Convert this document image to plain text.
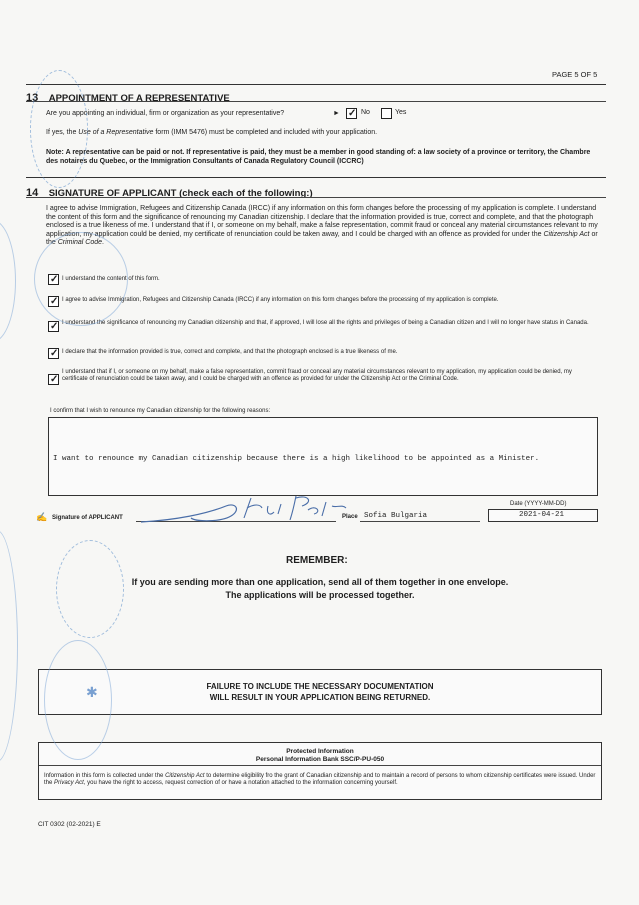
PAGE 5 OF 5
13 APPOINTMENT OF A REPRESENTATIVE
Are you appointing an individual, firm or organization as your representative?	► ✓ No	Yes
If yes, the Use of a Representative form (IMM 5476) must be completed and included with your application.
Note: A representative can be paid or not. If representative is paid, they must be a member in good standing of: a law society of a province or territory, the Chambre des notaires du Quebec, or the Immigration Consultants of Canada Regulatory Council (ICCRC)
14 SIGNATURE OF APPLICANT (check each of the following:)
I agree to advise Immigration, Refugees and Citizenship Canada (IRCC) if any information on this form changes before the processing of my application is complete. I understand the content of this form and the significance of renouncing my Canadian citizenship. I declare that the information provided is true, correct and complete, and that the photograph enclosed is a true likeness of me. I understand that if I, or someone on my behalf, make a false representation, commit fraud or conceal any material circumstances relevant to my application, my application could be denied, my certificate of renunciation could be taken away, and I could be charged with an offence as provided for under the Citizenship Act or the Criminal Code.
✓ I understand the content of this form.
✓ I agree to advise Immigration, Refugees and Citizenship Canada (IRCC) if any information on this form changes before the processing of my application is complete.
✓ I understand the significance of renouncing my Canadian citizenship and that, if approved, I will lose all the rights and privileges of being a Canadian citizen and I will no longer have status in Canada.
✓ I declare that the information provided is true, correct and complete, and that the photograph enclosed is a true likeness of me.
✓
I understand that if I, or someone on my behalf, make a false representation, commit fraud or conceal any material circumstances relevant to my application, my application could be denied, my certificate of renunciation could be taken away, and I could be charged with an offence as provided for under the Citizenship Act or the Criminal Code.
I confirm that I wish to renounce my Canadian citizenship for the following reasons:
I want to renounce my Canadian citizenship because there is a high likelihood to be appointed as a Minister.
✍ Signature of APPLICANT	Place Sofia Bulgaria
Date (YYYY-MM-DD)
2021-04-21
REMEMBER:
If you are sending more than one application, send all of them together in one envelope.
The applications will be processed together.
FAILURE TO INCLUDE THE NECESSARY DOCUMENTATION
WILL RESULT IN YOUR APPLICATION BEING RETURNED.
Protected Information
Personal Information Bank SSC/P-PU-050
Information in this form is collected under the Citizenship Act to determine eligibility fro the grant of Canadian citizenship and to maintain a record of persons to whom citizenship certificates were issued. Under the Privacy Act, you have the right to access, request correction of or have a notation attached to the information concerning yourself.
CIT 0302 (02-2021) E
✱
